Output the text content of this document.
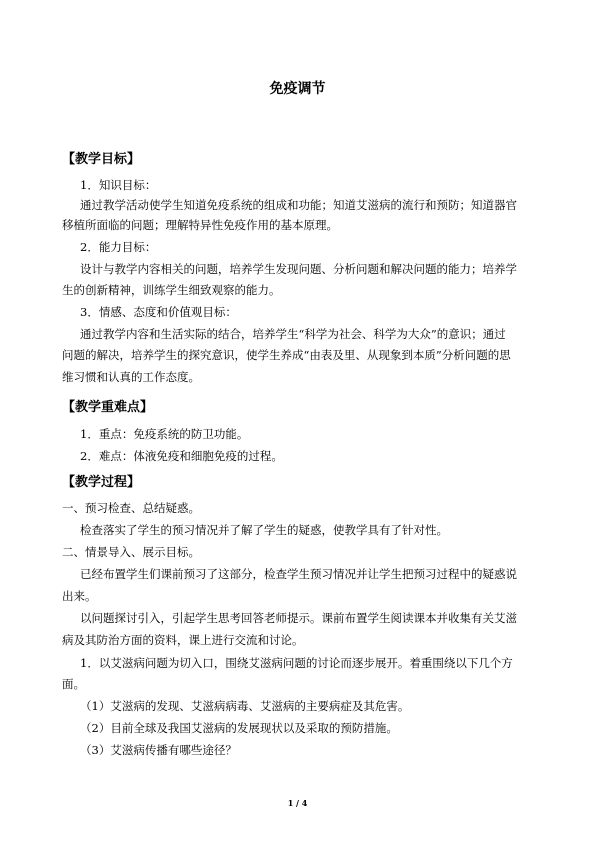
免疫调节
【教学目标】
1．知识目标：
通过教学活动使学生知道免疫系统的组成和功能；知道艾滋病的流行和预防；知道器官
移植所面临的问题；理解特异性免疫作用的基本原理。
2．能力目标：
设计与教学内容相关的问题，培养学生发现问题、分析问题和解决问题的能力；培养学
生的创新精神，训练学生细致观察的能力。
3．情感、态度和价值观目标：
通过教学内容和生活实际的结合，培养学生“科学为社会、科学为大众”的意识；通过
问题的解决，培养学生的探究意识，使学生养成“由表及里、从现象到本质”分析问题的思
维习惯和认真的工作态度。
【教学重难点】
1．重点：免疫系统的防卫功能。
2．难点：体液免疫和细胞免疫的过程。
【教学过程】
一、预习检查、总结疑惑。
检查落实了学生的预习情况并了解了学生的疑惑，使教学具有了针对性。
二、情景导入、展示目标。
已经布置学生们课前预习了这部分，检查学生预习情况并让学生把预习过程中的疑惑说
出来。
以问题探讨引入，引起学生思考回答老师提示。课前布置学生阅读课本并收集有关艾滋
病及其防治方面的资料，课上进行交流和讨论。
1．以艾滋病问题为切入口，围绕艾滋病问题的讨论而逐步展开。着重围绕以下几个方
面。
（1）艾滋病的发现、艾滋病病毒、艾滋病的主要病症及其危害。
（2）目前全球及我国艾滋病的发展现状以及采取的预防措施。
（3）艾滋病传播有哪些途径？
1 / 4
